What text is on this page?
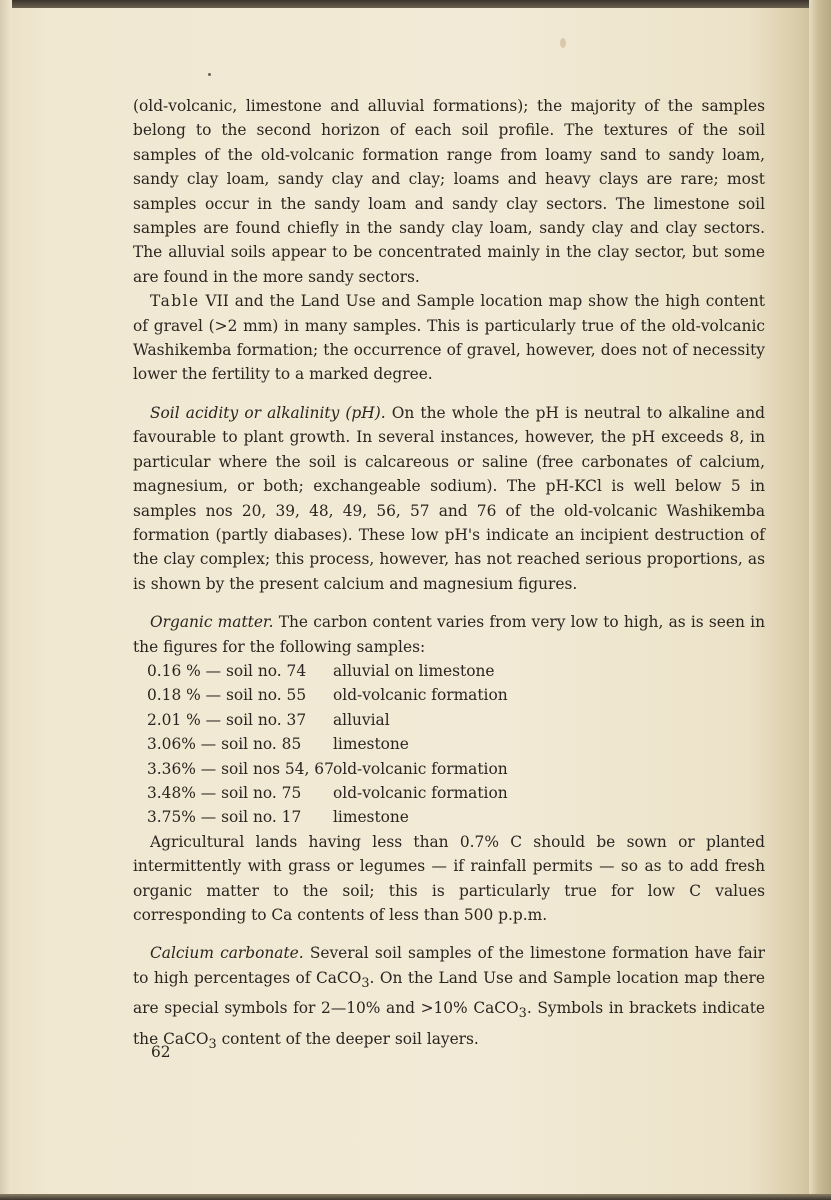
(old-volcanic, limestone and alluvial formations); the majority of the samples belong to the second horizon of each soil profile. The textures of the soil samples of the old-volcanic formation range from loamy sand to sandy loam, sandy clay loam, sandy clay and clay; loams and heavy clays are rare; most samples occur in the sandy loam and sandy clay sectors. The limestone soil samples are found chiefly in the sandy clay loam, sandy clay and clay sectors. The alluvial soils appear to be concentrated mainly in the clay sector, but some are found in the more sandy sectors.

Table VII and the Land Use and Sample location map show the high content of gravel (>2 mm) in many samples. This is particularly true of the old-volcanic Washikemba formation; the occurrence of gravel, however, does not of necessity lower the fertility to a marked degree.

Soil acidity or alkalinity (pH). On the whole the pH is neutral to alkaline and favourable to plant growth. In several instances, however, the pH exceeds 8, in particular where the soil is calcareous or saline (free carbonates of calcium, magnesium, or both; exchangeable sodium). The pH-KCl is well below 5 in samples nos 20, 39, 48, 49, 56, 57 and 76 of the old-volcanic Washikemba formation (partly diabases). These low pH's indicate an incipient destruction of the clay complex; this process, however, has not reached serious proportions, as is shown by the present calcium and magnesium figures.

Organic matter. The carbon content varies from very low to high, as is seen in the figures for the following samples:

0.16 % — soil no. 74	alluvial on limestone
0.18 % — soil no. 55	old-volcanic formation
2.01 % — soil no. 37	alluvial
3.06% — soil no. 85	limestone
3.36% — soil nos 54, 67 old-volcanic formation
3.48% — soil no. 75	old-volcanic formation
3.75% — soil no. 17	limestone

Agricultural lands having less than 0.7% C should be sown or planted intermittently with grass or legumes — if rainfall permits — so as to add fresh organic matter to the soil; this is particularly true for low C values corresponding to Ca contents of less than 500 p.p.m.

Calcium carbonate. Several soil samples of the limestone formation have fair to high percentages of CaCO$_3$. On the Land Use and Sample location map there are special symbols for 2—10% and >10% CaCO$_3$. Symbols in brackets indicate the CaCO$_3$ content of the deeper soil layers.

62
